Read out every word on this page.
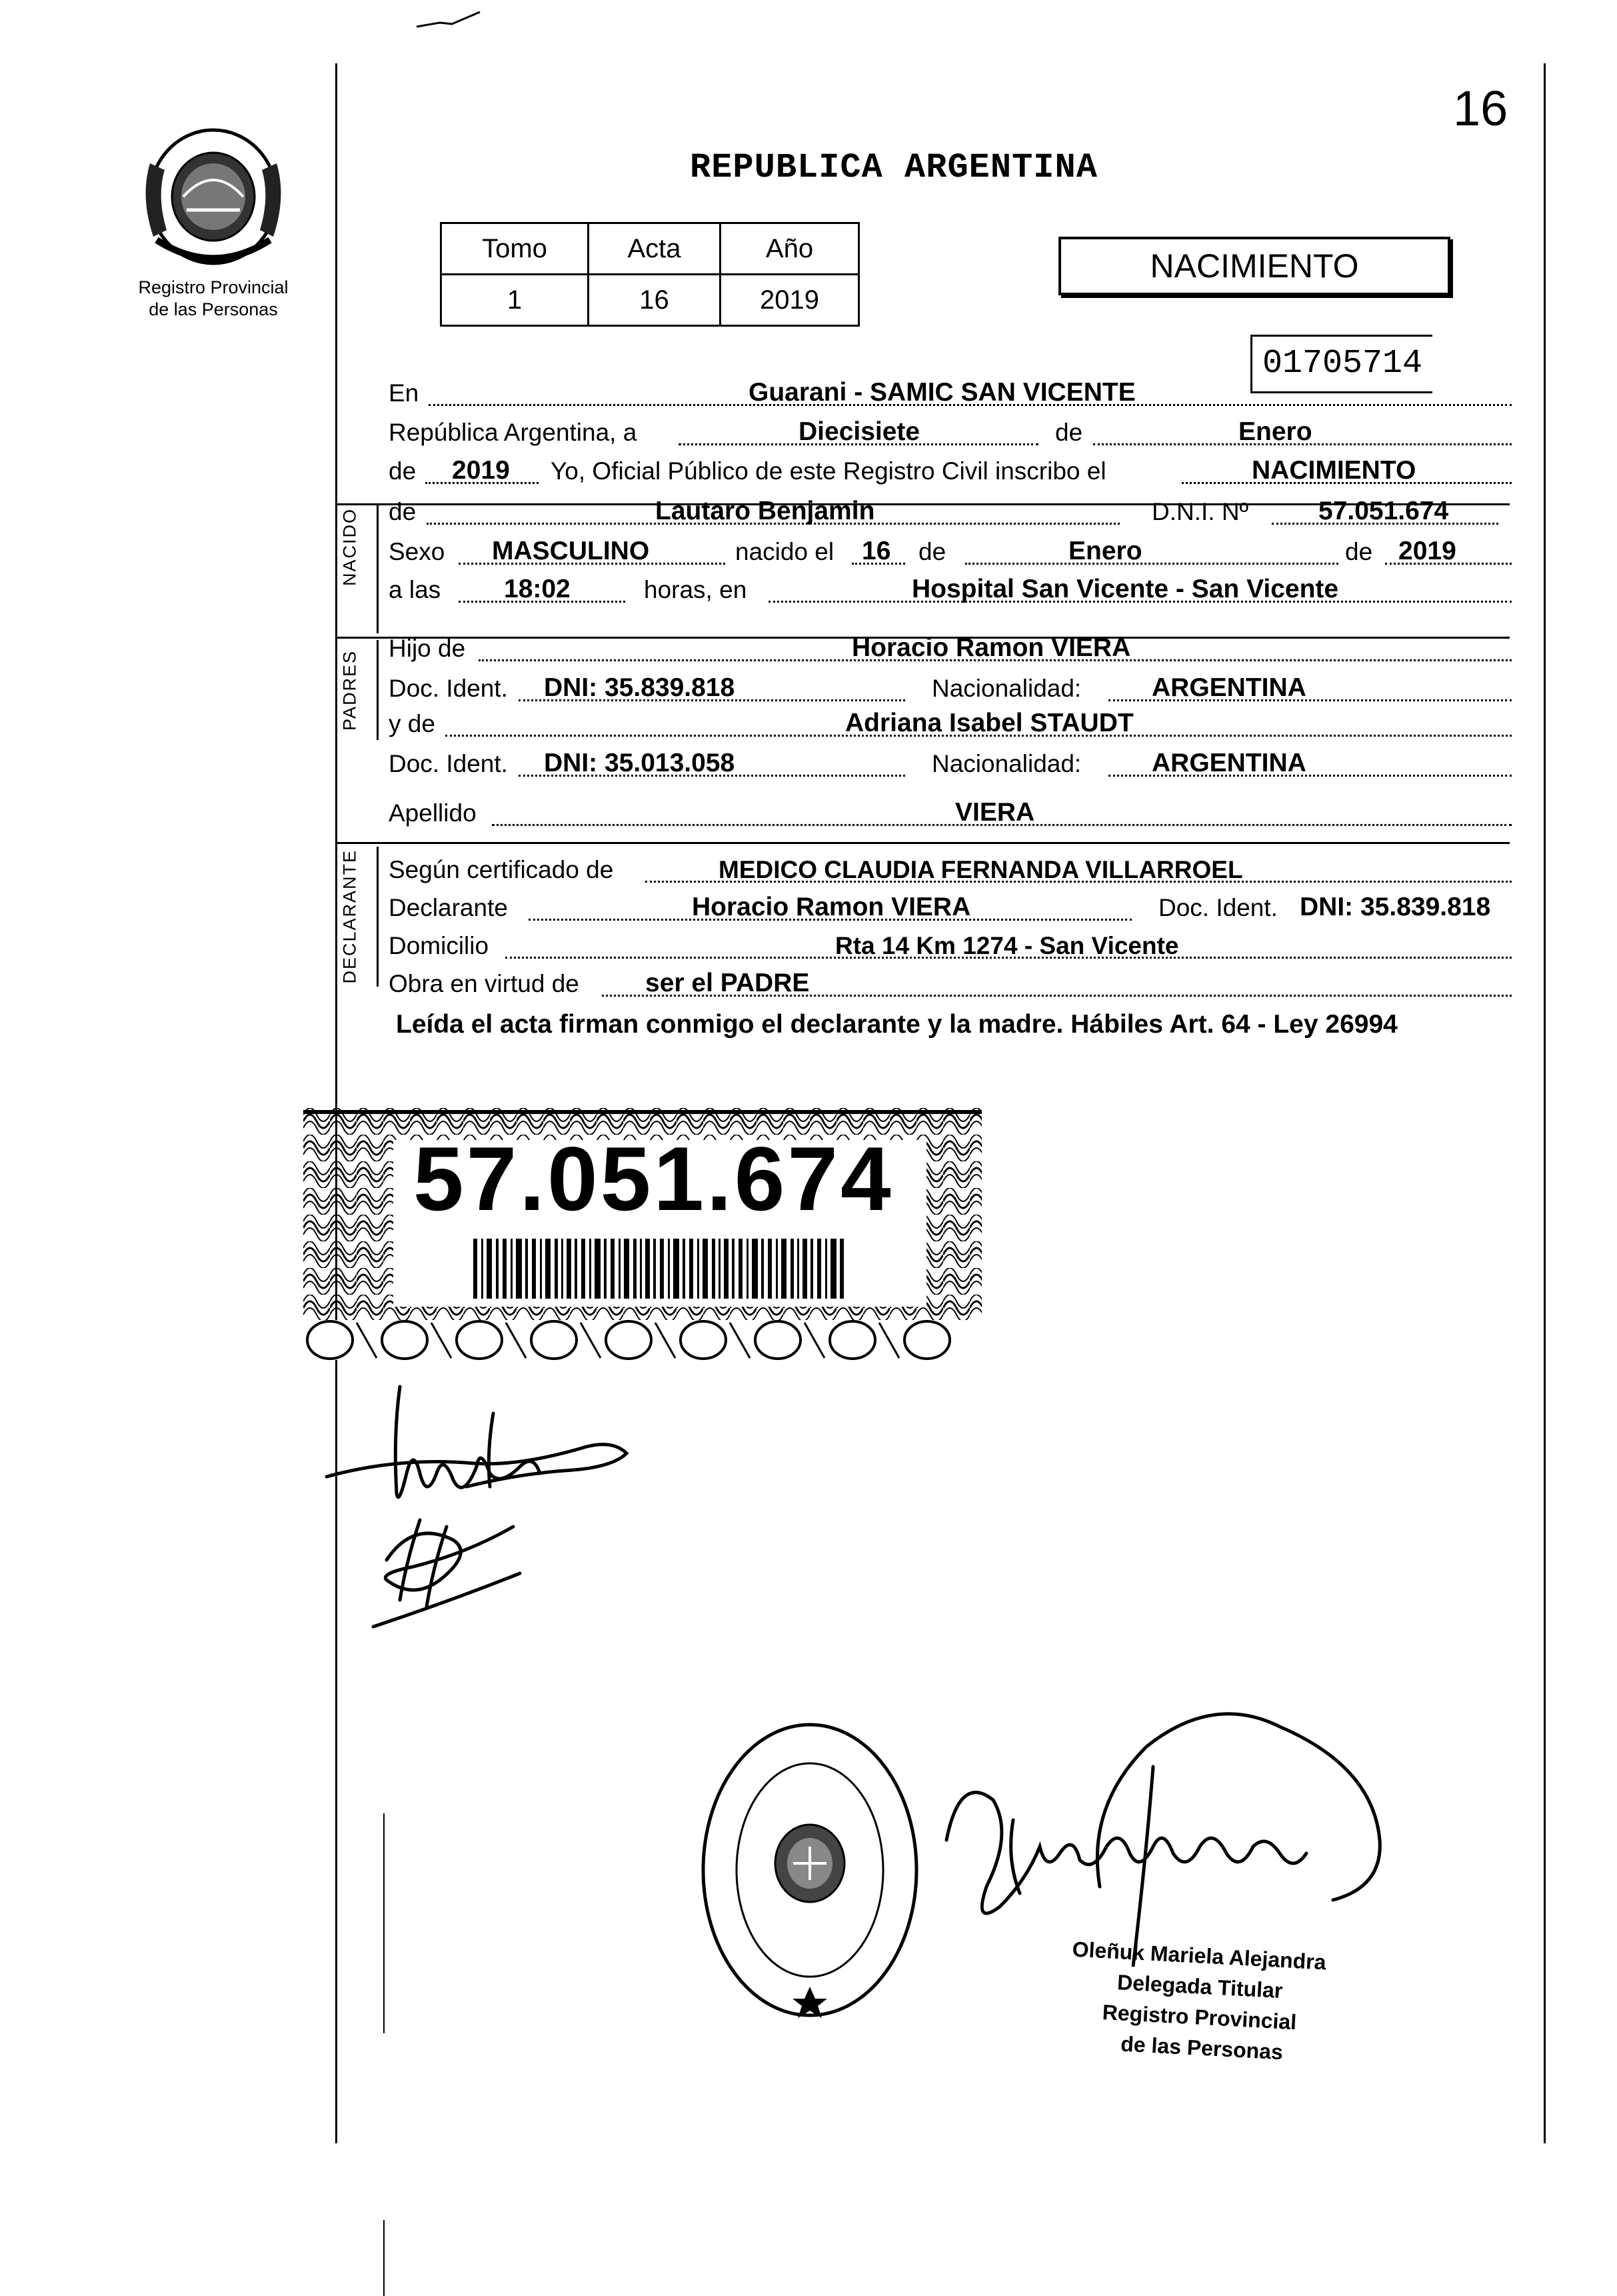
16
Registro Provincial
de las Personas
REPUBLICA ARGENTINA
Tomo	Acta	Año
1	16	2019
NACIMIENTO
01705714
NACIDO
PADRES
DECLARANTE
En	Guarani - SAMIC SAN VICENTE
República Argentina, a	Diecisiete	de	Enero
de 2019 Yo, Oficial Público de este Registro Civil inscribo el	NACIMIENTO
de	Lautaro Benjamin	D.N.I. Nº	57.051.674
Sexo MASCULINO	nacido el 16 de	Enero	de 2019
a las 18:02	horas, en	Hospital San Vicente - San Vicente
Hijo de	Horacio Ramon VIERA
Doc. Ident. DNI: 35.839.818	Nacionalidad:	ARGENTINA
y de	Adriana Isabel STAUDT
Doc. Ident. DNI: 35.013.058	Nacionalidad:	ARGENTINA
Apellido	VIERA
Según certificado de	MEDICO CLAUDIA FERNANDA VILLARROEL
Declarante	Horacio Ramon VIERA	Doc. Ident. DNI: 35.839.818
Domicilio	Rta 14 Km 1274 - San Vicente
Obra en virtud de	ser el PADRE
Leída el acta firman conmigo el declarante y la madre. Hábiles Art. 64 - Ley 26994
57.051.674
Oleñuk Mariela Alejandra
Delegada Titular
Registro Provincial
de las Personas
